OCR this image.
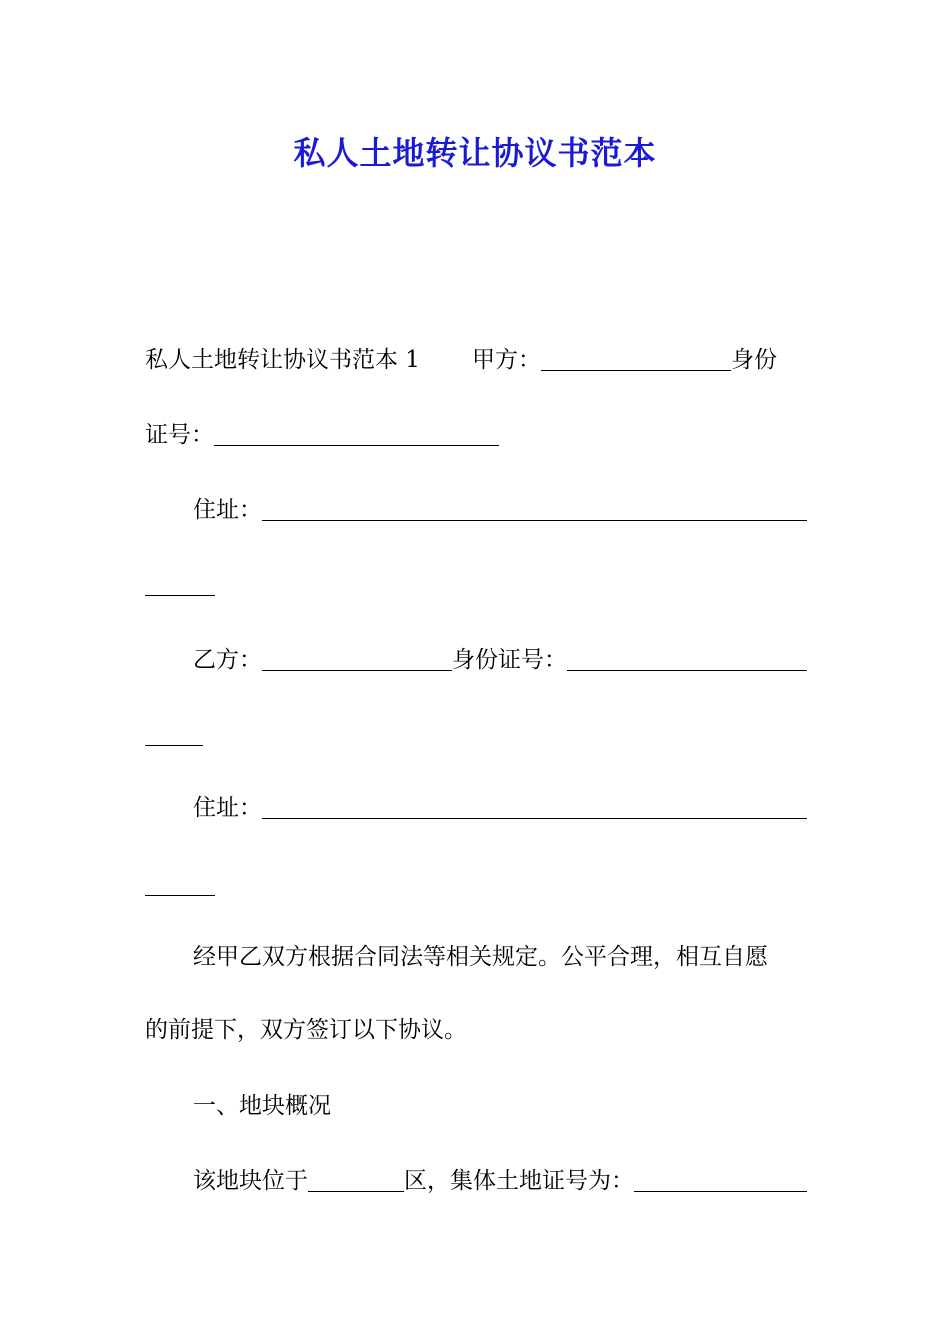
私人土地转让协议书范本
私人土地转让协议书范本 1 甲方：	身份
证号：
住址：
乙方：	身份证号：
住址：
经甲乙双方根据合同法等相关规定。公平合理，相互自愿
的前提下，双方签订以下协议。
一、地块概况
该地块位于	区，集体土地证号为：
